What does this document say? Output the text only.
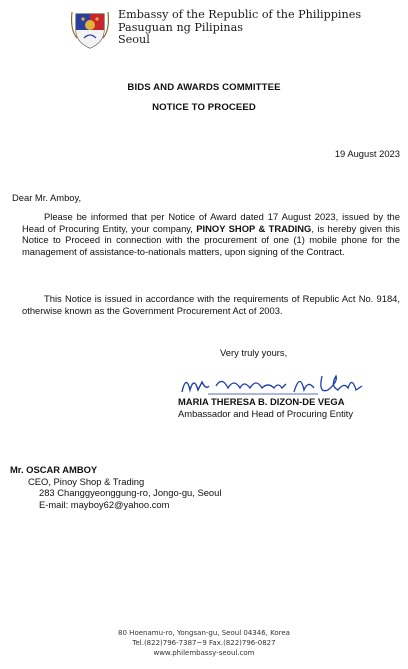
Embassy of the Republic of the Philippines
Pasuguan ng Pilipinas
Seoul
BIDS AND AWARDS COMMITTEE
NOTICE TO PROCEED
19 August 2023
Dear Mr. Amboy,
Please be informed that per Notice of Award dated 17 August 2023, issued by the Head of Procuring Entity, your company, PINOY SHOP & TRADING, is hereby given this Notice to Proceed in connection with the procurement of one (1) mobile phone for the management of assistance-to-nationals matters, upon signing of the Contract.
This Notice is issued in accordance with the requirements of Republic Act No. 9184, otherwise known as the Government Procurement Act of 2003.
Very truly yours,
MARIA THERESA B. DIZON-DE VEGA
Ambassador and Head of Procuring Entity
Mr. OSCAR AMBOY
CEO, Pinoy Shop & Trading
283 Changgyeonggung-ro, Jongo-gu, Seoul
E-mail: mayboy62@yahoo.com
80 Hoenamu-ro, Yongsan-gu, Seoul 04346, Korea
Tel.(822)796-7387~9 Fax.(822)796-0827
www.philembassy-seoul.com
